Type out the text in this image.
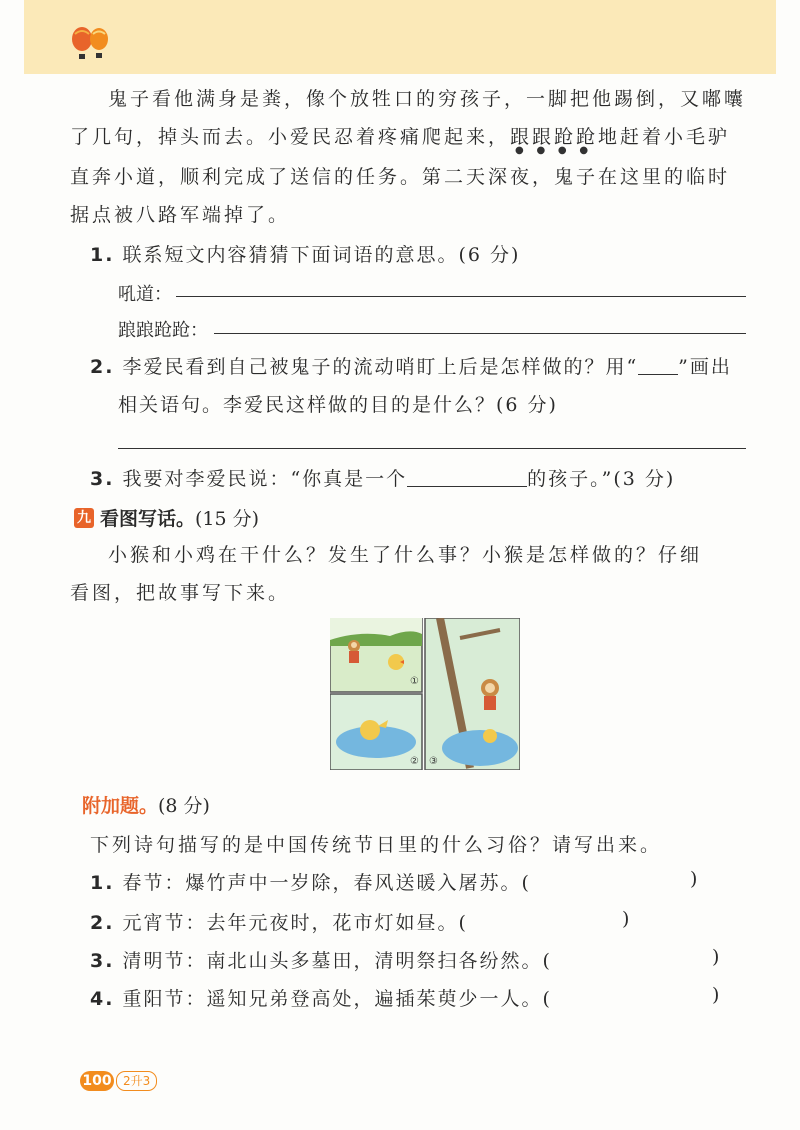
鬼子看他满身是粪，像个放牲口的穷孩子，一脚把他踢倒，又嘟囔
了几句，掉头而去。小爱民忍着疼痛爬起来，跟跟跄跄地赶着小毛驴
●    ●    ●    ●
直奔小道，顺利完成了送信的任务。第二天深夜，鬼子在这里的临时
据点被八路军端掉了。
1. 联系短文内容猜猜下面词语的意思。(6 分)
吼道：
踉踉跄跄：
2. 李爱民看到自己被鬼子的流动哨盯上后是怎样做的？用“ ”画出
相关语句。李爱民这样做的目的是什么？(6 分)
3. 我要对李爱民说：“你真是一个	的孩子。”(3 分)
九 看图写话。(15 分)
小猴和小鸡在干什么？发生了什么事？小猴是怎样做的？仔细
看图，把故事写下来。
①
② ③
附加题。(8 分)
下列诗句描写的是中国传统节日里的什么习俗？请写出来。
1. 春节：爆竹声中一岁除，春风送暖入屠苏。(	)
2. 元宵节：去年元夜时，花市灯如昼。(	)
3. 清明节：南北山头多墓田，清明祭扫各纷然。(	)
4. 重阳节：遥知兄弟登高处，遍插茱萸少一人。(	)
100 2升3
